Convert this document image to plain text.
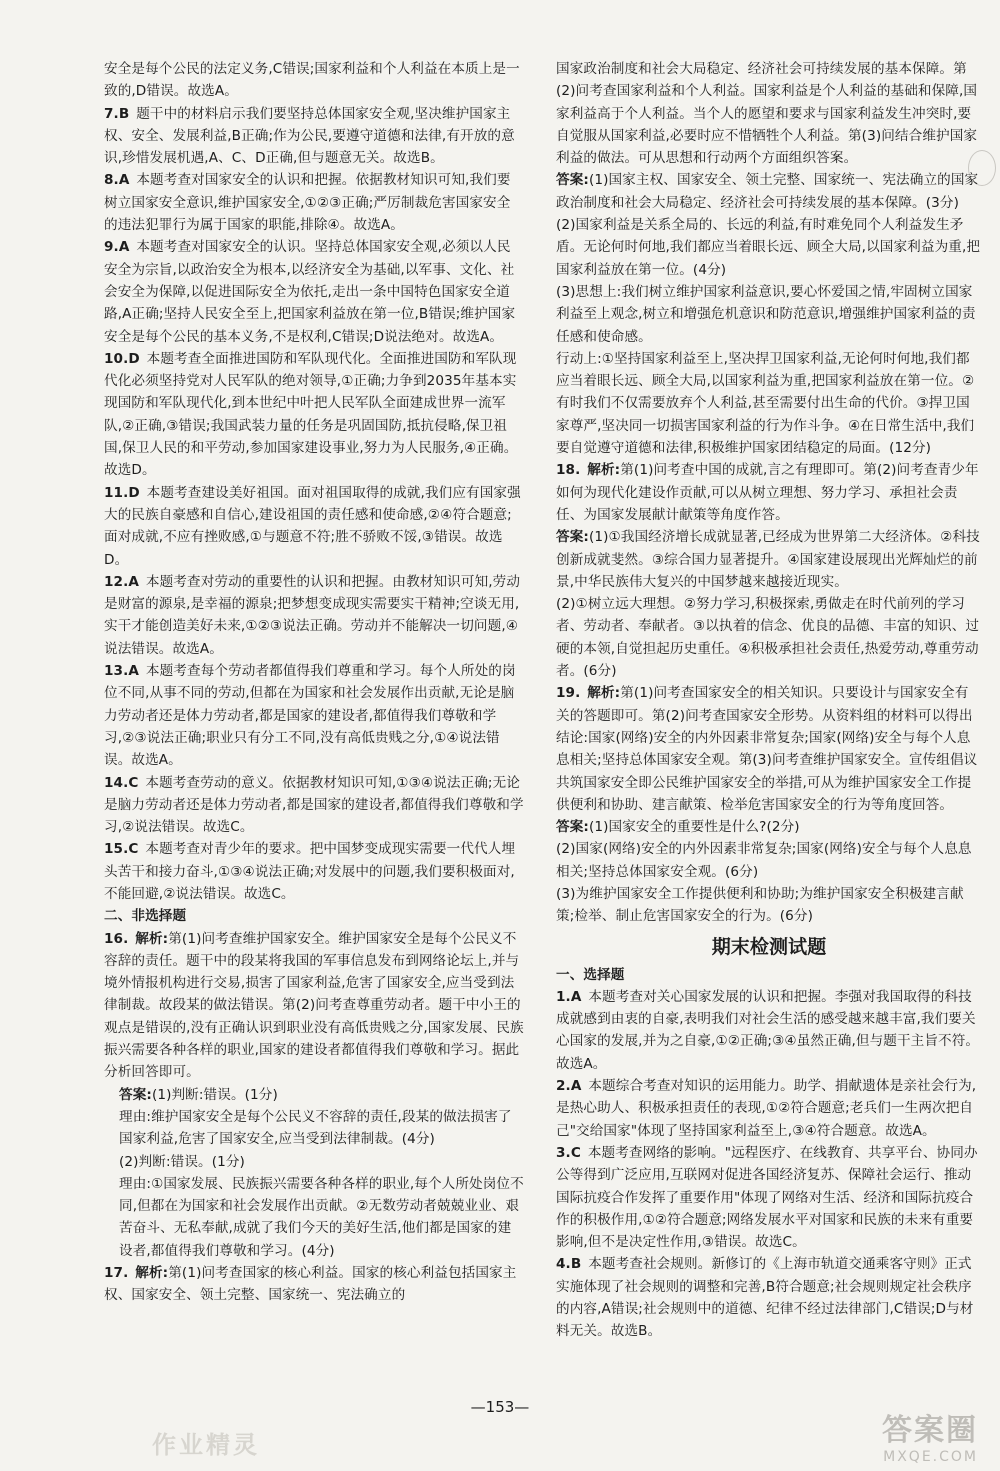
安全是每个公民的法定义务,C错误;国家利益和个人利益在本质上是一致的,D错误。故选A。
7.B  题干中的材料启示我们要坚持总体国家安全观,坚决维护国家主权、安全、发展利益,B正确;作为公民,要遵守道德和法律,有开放的意识,珍惜发展机遇,A、C、D正确,但与题意无关。故选B。
8.A  本题考查对国家安全的认识和把握。依据教材知识可知,我们要树立国家安全意识,维护国家安全,①②③正确;严厉制裁危害国家安全的违法犯罪行为属于国家的职能,排除④。故选A。
9.A  本题考查对国家安全的认识。坚持总体国家安全观,必须以人民安全为宗旨,以政治安全为根本,以经济安全为基础,以军事、文化、社会安全为保障,以促进国际安全为依托,走出一条中国特色国家安全道路,A正确;坚持人民安全至上,把国家利益放在第一位,B错误;维护国家安全是每个公民的基本义务,不是权利,C错误;D说法绝对。故选A。
10.D  本题考查全面推进国防和军队现代化。全面推进国防和军队现代化必须坚持党对人民军队的绝对领导,①正确;力争到2035年基本实现国防和军队现代化,到本世纪中叶把人民军队全面建成世界一流军队,②正确,③错误;我国武装力量的任务是巩固国防,抵抗侵略,保卫祖国,保卫人民的和平劳动,参加国家建设事业,努力为人民服务,④正确。故选D。
11.D  本题考查建设美好祖国。面对祖国取得的成就,我们应有国家强大的民族自豪感和自信心,建设祖国的责任感和使命感,②④符合题意;面对成就,不应有挫败感,①与题意不符;胜不骄败不馁,③错误。故选D。
12.A  本题考查对劳动的重要性的认识和把握。由教材知识可知,劳动是财富的源泉,是幸福的源泉;把梦想变成现实需要实干精神;空谈无用,实干才能创造美好未来,①②③说法正确。劳动并不能解决一切问题,④说法错误。故选A。
13.A  本题考查每个劳动者都值得我们尊重和学习。每个人所处的岗位不同,从事不同的劳动,但都在为国家和社会发展作出贡献,无论是脑力劳动者还是体力劳动者,都是国家的建设者,都值得我们尊敬和学习,②③说法正确;职业只有分工不同,没有高低贵贱之分,①④说法错误。故选A。
14.C  本题考查劳动的意义。依据教材知识可知,①③④说法正确;无论是脑力劳动者还是体力劳动者,都是国家的建设者,都值得我们尊敬和学习,②说法错误。故选C。
15.C  本题考查对青少年的要求。把中国梦变成现实需要一代代人埋头苦干和接力奋斗,①③④说法正确;对发展中的问题,我们要积极面对,不能回避,②说法错误。故选C。
二、非选择题
16.  解析:第(1)问考查维护国家安全。维护国家安全是每个公民义不容辞的责任。题干中的段某将我国的军事信息发布到网络论坛上,并与境外情报机构进行交易,损害了国家利益,危害了国家安全,应当受到法律制裁。故段某的做法错误。第(2)问考查尊重劳动者。题干中小王的观点是错误的,没有正确认识到职业没有高低贵贱之分,国家发展、民族振兴需要各种各样的职业,国家的建设者都值得我们尊敬和学习。据此分析回答即可。
答案:(1)判断:错误。(1分)
理由:维护国家安全是每个公民义不容辞的责任,段某的做法损害了国家利益,危害了国家安全,应当受到法律制裁。(4分)
(2)判断:错误。(1分)
理由:①国家发展、民族振兴需要各种各样的职业,每个人所处岗位不同,但都在为国家和社会发展作出贡献。②无数劳动者兢兢业业、艰苦奋斗、无私奉献,成就了我们今天的美好生活,他们都是国家的建设者,都值得我们尊敬和学习。(4分)
17.  解析:第(1)问考查国家的核心利益。国家的核心利益包括国家主权、国家安全、领土完整、国家统一、宪法确立的
国家政治制度和社会大局稳定、经济社会可持续发展的基本保障。第(2)问考查国家利益和个人利益。国家利益是个人利益的基础和保障,国家利益高于个人利益。当个人的愿望和要求与国家利益发生冲突时,要自觉服从国家利益,必要时应不惜牺牲个人利益。第(3)问结合维护国家利益的做法。可从思想和行动两个方面组织答案。
答案:(1)国家主权、国家安全、领土完整、国家统一、宪法确立的国家政治制度和社会大局稳定、经济社会可持续发展的基本保障。(3分)
(2)国家利益是关系全局的、长远的利益,有时难免同个人利益发生矛盾。无论何时何地,我们都应当着眼长远、顾全大局,以国家利益为重,把国家利益放在第一位。(4分)
(3)思想上:我们树立维护国家利益意识,要心怀爱国之情,牢固树立国家利益至上观念,树立和增强危机意识和防范意识,增强维护国家利益的责任感和使命感。
行动上:①坚持国家利益至上,坚决捍卫国家利益,无论何时何地,我们都应当着眼长远、顾全大局,以国家利益为重,把国家利益放在第一位。②有时我们不仅需要放弃个人利益,甚至需要付出生命的代价。③捍卫国家尊严,坚决同一切损害国家利益的行为作斗争。④在日常生活中,我们要自觉遵守道德和法律,积极维护国家团结稳定的局面。(12分)
18.  解析:第(1)问考查中国的成就,言之有理即可。第(2)问考查青少年如何为现代化建设作贡献,可以从树立理想、努力学习、承担社会责任、为国家发展献计献策等角度作答。
答案:(1)①我国经济增长成就显著,已经成为世界第二大经济体。②科技创新成就斐然。③综合国力显著提升。④国家建设展现出光辉灿烂的前景,中华民族伟大复兴的中国梦越来越接近现实。
(2)①树立远大理想。②努力学习,积极探索,勇做走在时代前列的学习者、劳动者、奉献者。③以执着的信念、优良的品德、丰富的知识、过硬的本领,自觉担起历史重任。④积极承担社会责任,热爱劳动,尊重劳动者。(6分)
19.  解析:第(1)问考查国家安全的相关知识。只要设计与国家安全有关的答题即可。第(2)问考查国家安全形势。从资料组的材料可以得出结论:国家(网络)安全的内外因素非常复杂;国家(网络)安全与每个人息息相关;坚持总体国家安全观。第(3)问考查维护国家安全。宣传组倡议共筑国家安全即公民维护国家安全的举措,可从为维护国家安全工作提供便利和协助、建言献策、检举危害国家安全的行为等角度回答。
答案:(1)国家安全的重要性是什么?(2分)
(2)国家(网络)安全的内外因素非常复杂;国家(网络)安全与每个人息息相关;坚持总体国家安全观。(6分)
(3)为维护国家安全工作提供便利和协助;为维护国家安全积极建言献策;检举、制止危害国家安全的行为。(6分)
期末检测试题
一、选择题
1.A  本题考查对关心国家发展的认识和把握。李强对我国取得的科技成就感到由衷的自豪,表明我们对社会生活的感受越来越丰富,我们要关心国家的发展,并为之自豪,①②正确;③④虽然正确,但与题干主旨不符。故选A。
2.A  本题综合考查对知识的运用能力。助学、捐献遗体是亲社会行为,是热心助人、积极承担责任的表现,①②符合题意;老兵们一生两次把自己"交给国家"体现了坚持国家利益至上,③④符合题意。故选A。
3.C  本题考查网络的影响。"远程医疗、在线教育、共享平台、协同办公等得到广泛应用,互联网对促进各国经济复苏、保障社会运行、推动国际抗疫合作发挥了重要作用"体现了网络对生活、经济和国际抗疫合作的积极作用,①②符合题意;网络发展水平对国家和民族的未来有重要影响,但不是决定性作用,③错误。故选C。
4.B  本题考查社会规则。新修订的《上海市轨道交通乘客守则》正式实施体现了社会规则的调整和完善,B符合题意;社会规则规定社会秩序的内容,A错误;社会规则中的道德、纪律不经过法律部门,C错误;D与材料无关。故选B。
—153—
作业精灵	答案圈
MXQE.COM
